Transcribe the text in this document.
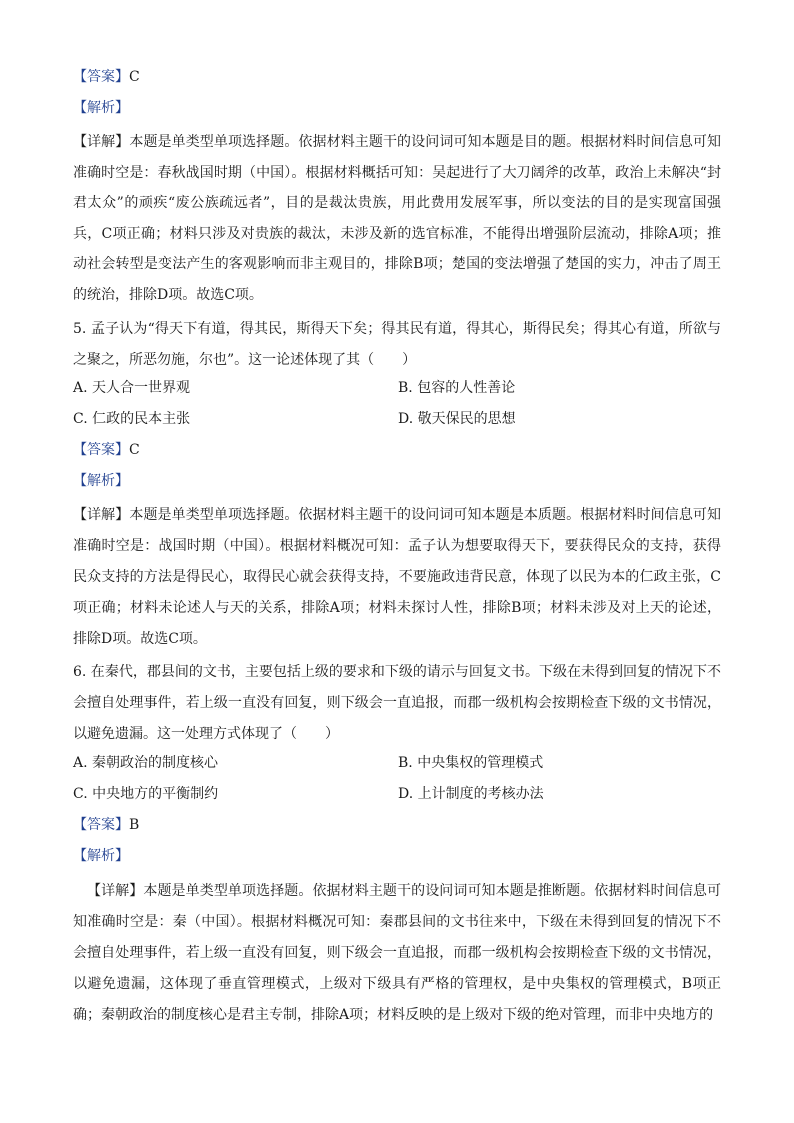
【答案】C
【解析】
【详解】本题是单类型单项选择题。依据材料主题干的设问词可知本题是目的题。根据材料时间信息可知准确时空是：春秋战国时期（中国）。根据材料概括可知：吴起进行了大刀阔斧的改革，政治上未解决“封君太众”的顽疾“废公族疏远者”，目的是裁汰贵族，用此费用发展军事，所以变法的目的是实现富国强兵，C项正确；材料只涉及对贵族的裁汰，未涉及新的选官标准，不能得出增强阶层流动，排除A项；推动社会转型是变法产生的客观影响而非主观目的，排除B项；楚国的变法增强了楚国的实力，冲击了周王的统治，排除D项。故选C项。
5. 孟子认为“得天下有道，得其民，斯得天下矣；得其民有道，得其心，斯得民矣；得其心有道，所欲与之聚之，所恶勿施，尔也”。这一论述体现了其（　　）
A. 天人合一世界观	B. 包容的人性善论
C. 仁政的民本主张	D. 敬天保民的思想
【答案】C
【解析】
【详解】本题是单类型单项选择题。依据材料主题干的设问词可知本题是本质题。根据材料时间信息可知准确时空是：战国时期（中国）。根据材料概况可知：孟子认为想要取得天下，要获得民众的支持，获得民众支持的方法是得民心，取得民心就会获得支持，不要施政违背民意，体现了以民为本的仁政主张，C项正确；材料未论述人与天的关系，排除A项；材料未探讨人性，排除B项；材料未涉及对上天的论述，排除D项。故选C项。
6. 在秦代，郡县间的文书，主要包括上级的要求和下级的请示与回复文书。下级在未得到回复的情况下不会擅自处理事件，若上级一直没有回复，则下级会一直追报，而郡一级机构会按期检查下级的文书情况，以避免遗漏。这一处理方式体现了（　　）
A. 秦朝政治的制度核心	B. 中央集权的管理模式
C. 中央地方的平衡制约	D. 上计制度的考核办法
【答案】B
【解析】
【详解】本题是单类型单项选择题。依据材料主题干的设问词可知本题是推断题。依据材料时间信息可知准确时空是：秦（中国）。根据材料概况可知：秦郡县间的文书往来中，下级在未得到回复的情况下不会擅自处理事件，若上级一直没有回复，则下级会一直追报，而郡一级机构会按期检查下级的文书情况，以避免遗漏，这体现了垂直管理模式，上级对下级具有严格的管理权，是中央集权的管理模式，B项正确；秦朝政治的制度核心是君主专制，排除A项；材料反映的是上级对下级的绝对管理，而非中央地方的
